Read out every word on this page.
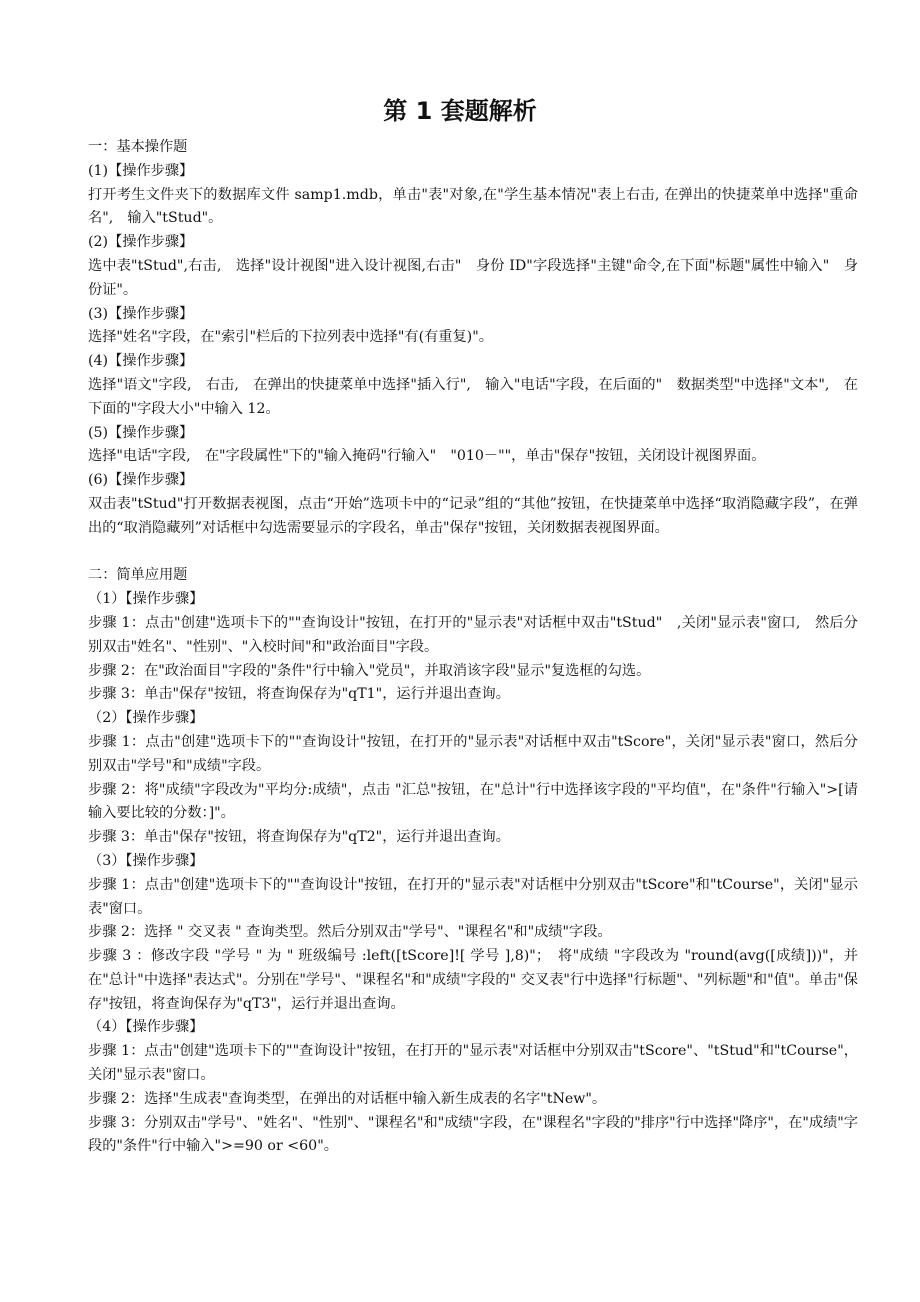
第 1 套题解析

一：基本操作题

(1)【操作步骤】

打开考生文件夹下的数据库文件 samp1.mdb，单击"表"对象,在"学生基本情况"表上右击, 在弹出的快捷菜单中选择"重命名",　输入"tStud"。

(2)【操作步骤】

选中表"tStud",右击,　选择"设计视图"进入设计视图,右击"　身份 ID"字段选择"主键"命令,在下面"标题"属性中输入"　身份证"。

(3)【操作步骤】

选择"姓名"字段，在"索引"栏后的下拉列表中选择"有(有重复)"。

(4)【操作步骤】

选择"语文"字段,　右击,　在弹出的快捷菜单中选择"插入行",　输入"电话"字段，在后面的"　数据类型"中选择"文本",　在下面的"字段大小"中输入 12。

(5)【操作步骤】

选择"电话"字段,　在"字段属性"下的"输入掩码"行输入"　"010－""，单击"保存"按钮，关闭设计视图界面。

(6)【操作步骤】

双击表"tStud"打开数据表视图，点击“开始”选项卡中的“记录”组的“其他”按钮，在快捷菜单中选择“取消隐藏字段”，在弹出的“取消隐藏列”对话框中勾选需要显示的字段名，单击"保存"按钮，关闭数据表视图界面。

二：简单应用题

（1）【操作步骤】

步骤 1：点击"创建"选项卡下的""查询设计"按钮，在打开的"显示表"对话框中双击"tStud"　,关闭"显示表"窗口,　然后分别双击"姓名"、"性别"、"入校时间"和"政治面目"字段。

步骤 2：在"政治面目"字段的"条件"行中输入"党员"，并取消该字段"显示"复选框的勾选。

步骤 3：单击"保存"按钮，将查询保存为"qT1"，运行并退出查询。

（2）【操作步骤】

步骤 1：点击"创建"选项卡下的""查询设计"按钮，在打开的"显示表"对话框中双击"tScore"，关闭"显示表"窗口，然后分别双击"学号"和"成绩"字段。

步骤 2：将"成绩"字段改为"平均分:成绩"，点击 "汇总"按钮，在"总计"行中选择该字段的"平均值"，在"条件"行输入">[请输入要比较的分数：]"。

步骤 3：单击"保存"按钮，将查询保存为"qT2"，运行并退出查询。

（3）【操作步骤】

步骤 1：点击"创建"选项卡下的""查询设计"按钮，在打开的"显示表"对话框中分别双击"tScore"和"tCourse"，关闭"显示表"窗口。

步骤 2：选择 " 交叉表 " 查询类型。然后分别双击"学号"、"课程名"和"成绩"字段。

步骤 3 ：修改字段 "学号 " 为 " 班级编号 :left([tScore]![ 学号 ],8)"；　将"成绩 "字段改为 "round(avg([成绩]))"，并在"总计"中选择"表达式"。分别在"学号"、"课程名"和"成绩"字段的" 交叉表"行中选择"行标题"、"列标题"和"值"。单击"保存"按钮，将查询保存为"qT3"，运行并退出查询。

（4）【操作步骤】

步骤 1：点击"创建"选项卡下的""查询设计"按钮，在打开的"显示表"对话框中分别双击"tScore"、"tStud"和"tCourse"，关闭"显示表"窗口。

步骤 2：选择"生成表"查询类型，在弹出的对话框中输入新生成表的名字"tNew"。

步骤 3：分别双击"学号"、"姓名"、"性别"、"课程名"和"成绩"字段，在"课程名"字段的"排序"行中选择"降序"，在"成绩"字段的"条件"行中输入">=90 or <60"。
